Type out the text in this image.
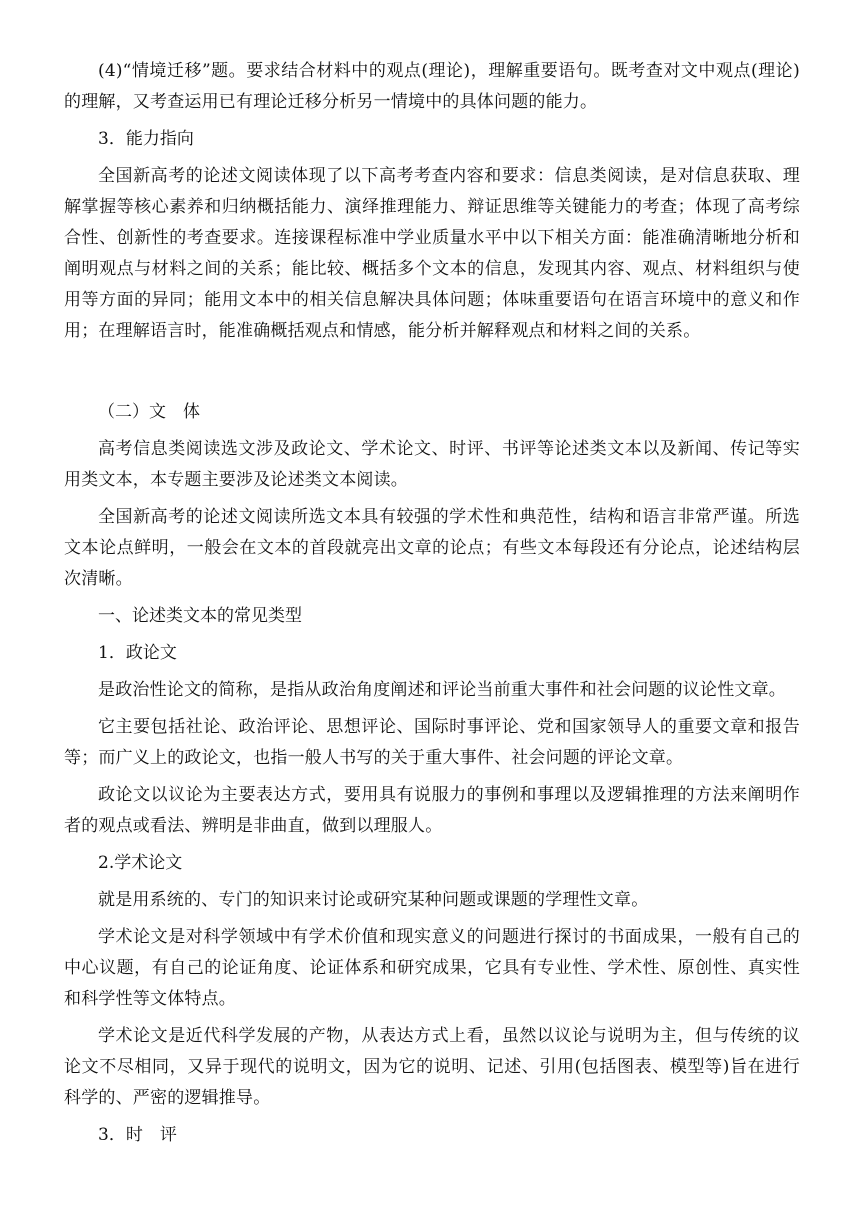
(4)“情境迁移”题。要求结合材料中的观点(理论)，理解重要语句。既考查对文中观点(理论)的理解，又考查运用已有理论迁移分析另一情境中的具体问题的能力。

3．能力指向

全国新高考的论述文阅读体现了以下高考考查内容和要求：信息类阅读，是对信息获取、理解掌握等核心素养和归纳概括能力、演绎推理能力、辩证思维等关键能力的考查；体现了高考综合性、创新性的考查要求。连接课程标准中学业质量水平中以下相关方面：能准确清晰地分析和阐明观点与材料之间的关系；能比较、概括多个文本的信息，发现其内容、观点、材料组织与使用等方面的异同；能用文本中的相关信息解决具体问题；体味重要语句在语言环境中的意义和作用；在理解语言时，能准确概括观点和情感，能分析并解释观点和材料之间的关系。

（二）文　体

高考信息类阅读选文涉及政论文、学术论文、时评、书评等论述类文本以及新闻、传记等实用类文本，本专题主要涉及论述类文本阅读。

全国新高考的论述文阅读所选文本具有较强的学术性和典范性，结构和语言非常严谨。所选文本论点鲜明，一般会在文本的首段就亮出文章的论点；有些文本每段还有分论点，论述结构层次清晰。

一、论述类文本的常见类型

1．政论文

是政治性论文的简称，是指从政治角度阐述和评论当前重大事件和社会问题的议论性文章。

它主要包括社论、政治评论、思想评论、国际时事评论、党和国家领导人的重要文章和报告等；而广义上的政论文，也指一般人书写的关于重大事件、社会问题的评论文章。

政论文以议论为主要表达方式，要用具有说服力的事例和事理以及逻辑推理的方法来阐明作者的观点或看法、辨明是非曲直，做到以理服人。

2.学术论文

就是用系统的、专门的知识来讨论或研究某种问题或课题的学理性文章。

学术论文是对科学领域中有学术价值和现实意义的问题进行探讨的书面成果，一般有自己的中心议题，有自己的论证角度、论证体系和研究成果，它具有专业性、学术性、原创性、真实性和科学性等文体特点。

学术论文是近代科学发展的产物，从表达方式上看，虽然以议论与说明为主，但与传统的议论文不尽相同，又异于现代的说明文，因为它的说明、记述、引用(包括图表、模型等)旨在进行科学的、严密的逻辑推导。

3．时　评
